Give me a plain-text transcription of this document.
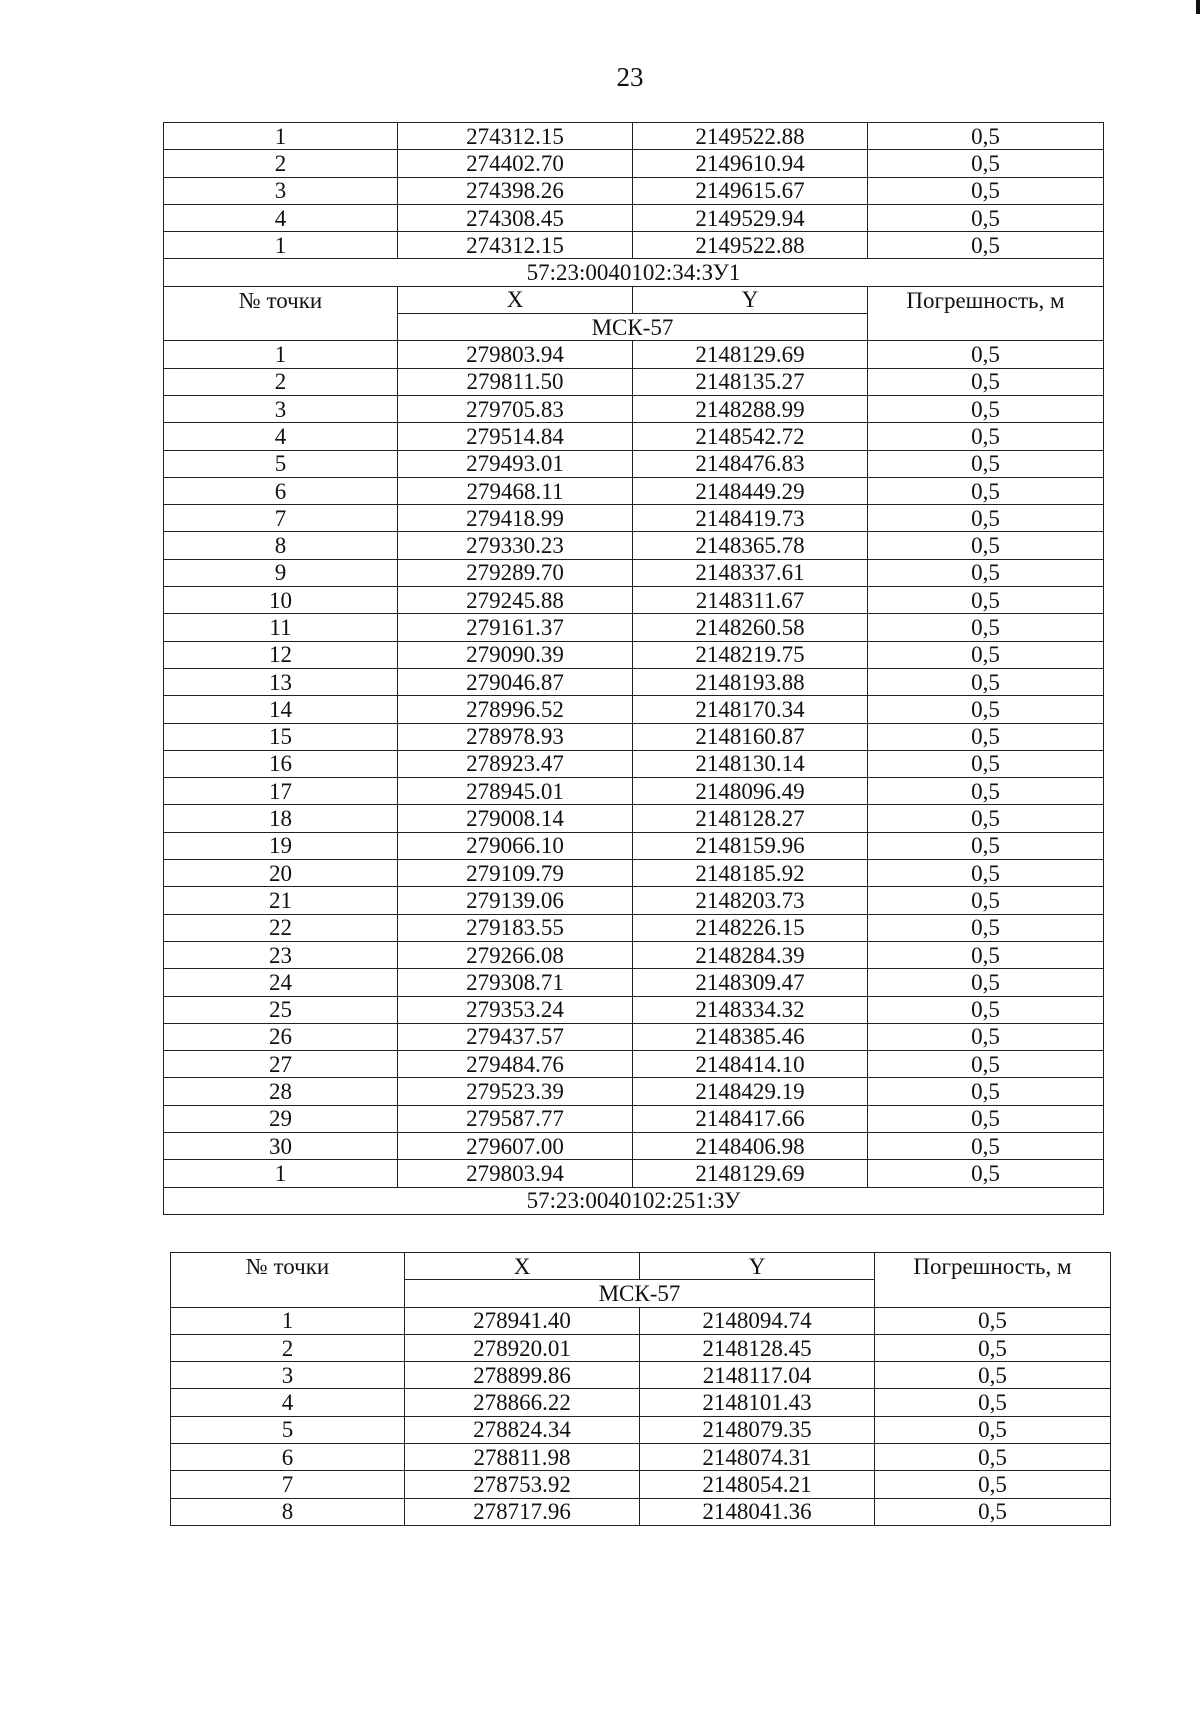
23
1	274312.15	2149522.88	0,5
2	274402.70	2149610.94	0,5
3	274398.26	2149615.67	0,5
4	274308.45	2149529.94	0,5
1	274312.15	2149522.88	0,5
57:23:0040102:34:ЗУ1			
№ точки	X	Y	Погрешность, м
	МСК-57		
1	279803.94	2148129.69	0,5
2	279811.50	2148135.27	0,5
3	279705.83	2148288.99	0,5
4	279514.84	2148542.72	0,5
5	279493.01	2148476.83	0,5
6	279468.11	2148449.29	0,5
7	279418.99	2148419.73	0,5
8	279330.23	2148365.78	0,5
9	279289.70	2148337.61	0,5
10	279245.88	2148311.67	0,5
11	279161.37	2148260.58	0,5
12	279090.39	2148219.75	0,5
13	279046.87	2148193.88	0,5
14	278996.52	2148170.34	0,5
15	278978.93	2148160.87	0,5
16	278923.47	2148130.14	0,5
17	278945.01	2148096.49	0,5
18	279008.14	2148128.27	0,5
19	279066.10	2148159.96	0,5
20	279109.79	2148185.92	0,5
21	279139.06	2148203.73	0,5
22	279183.55	2148226.15	0,5
23	279266.08	2148284.39	0,5
24	279308.71	2148309.47	0,5
25	279353.24	2148334.32	0,5
26	279437.57	2148385.46	0,5
27	279484.76	2148414.10	0,5
28	279523.39	2148429.19	0,5
29	279587.77	2148417.66	0,5
30	279607.00	2148406.98	0,5
1	279803.94	2148129.69	0,5
57:23:0040102:251:ЗУ			
№ точки	X	Y	Погрешность, м
	МСК-57		
1	278941.40	2148094.74	0,5
2	278920.01	2148128.45	0,5
3	278899.86	2148117.04	0,5
4	278866.22	2148101.43	0,5
5	278824.34	2148079.35	0,5
6	278811.98	2148074.31	0,5
7	278753.92	2148054.21	0,5
8	278717.96	2148041.36	0,5
